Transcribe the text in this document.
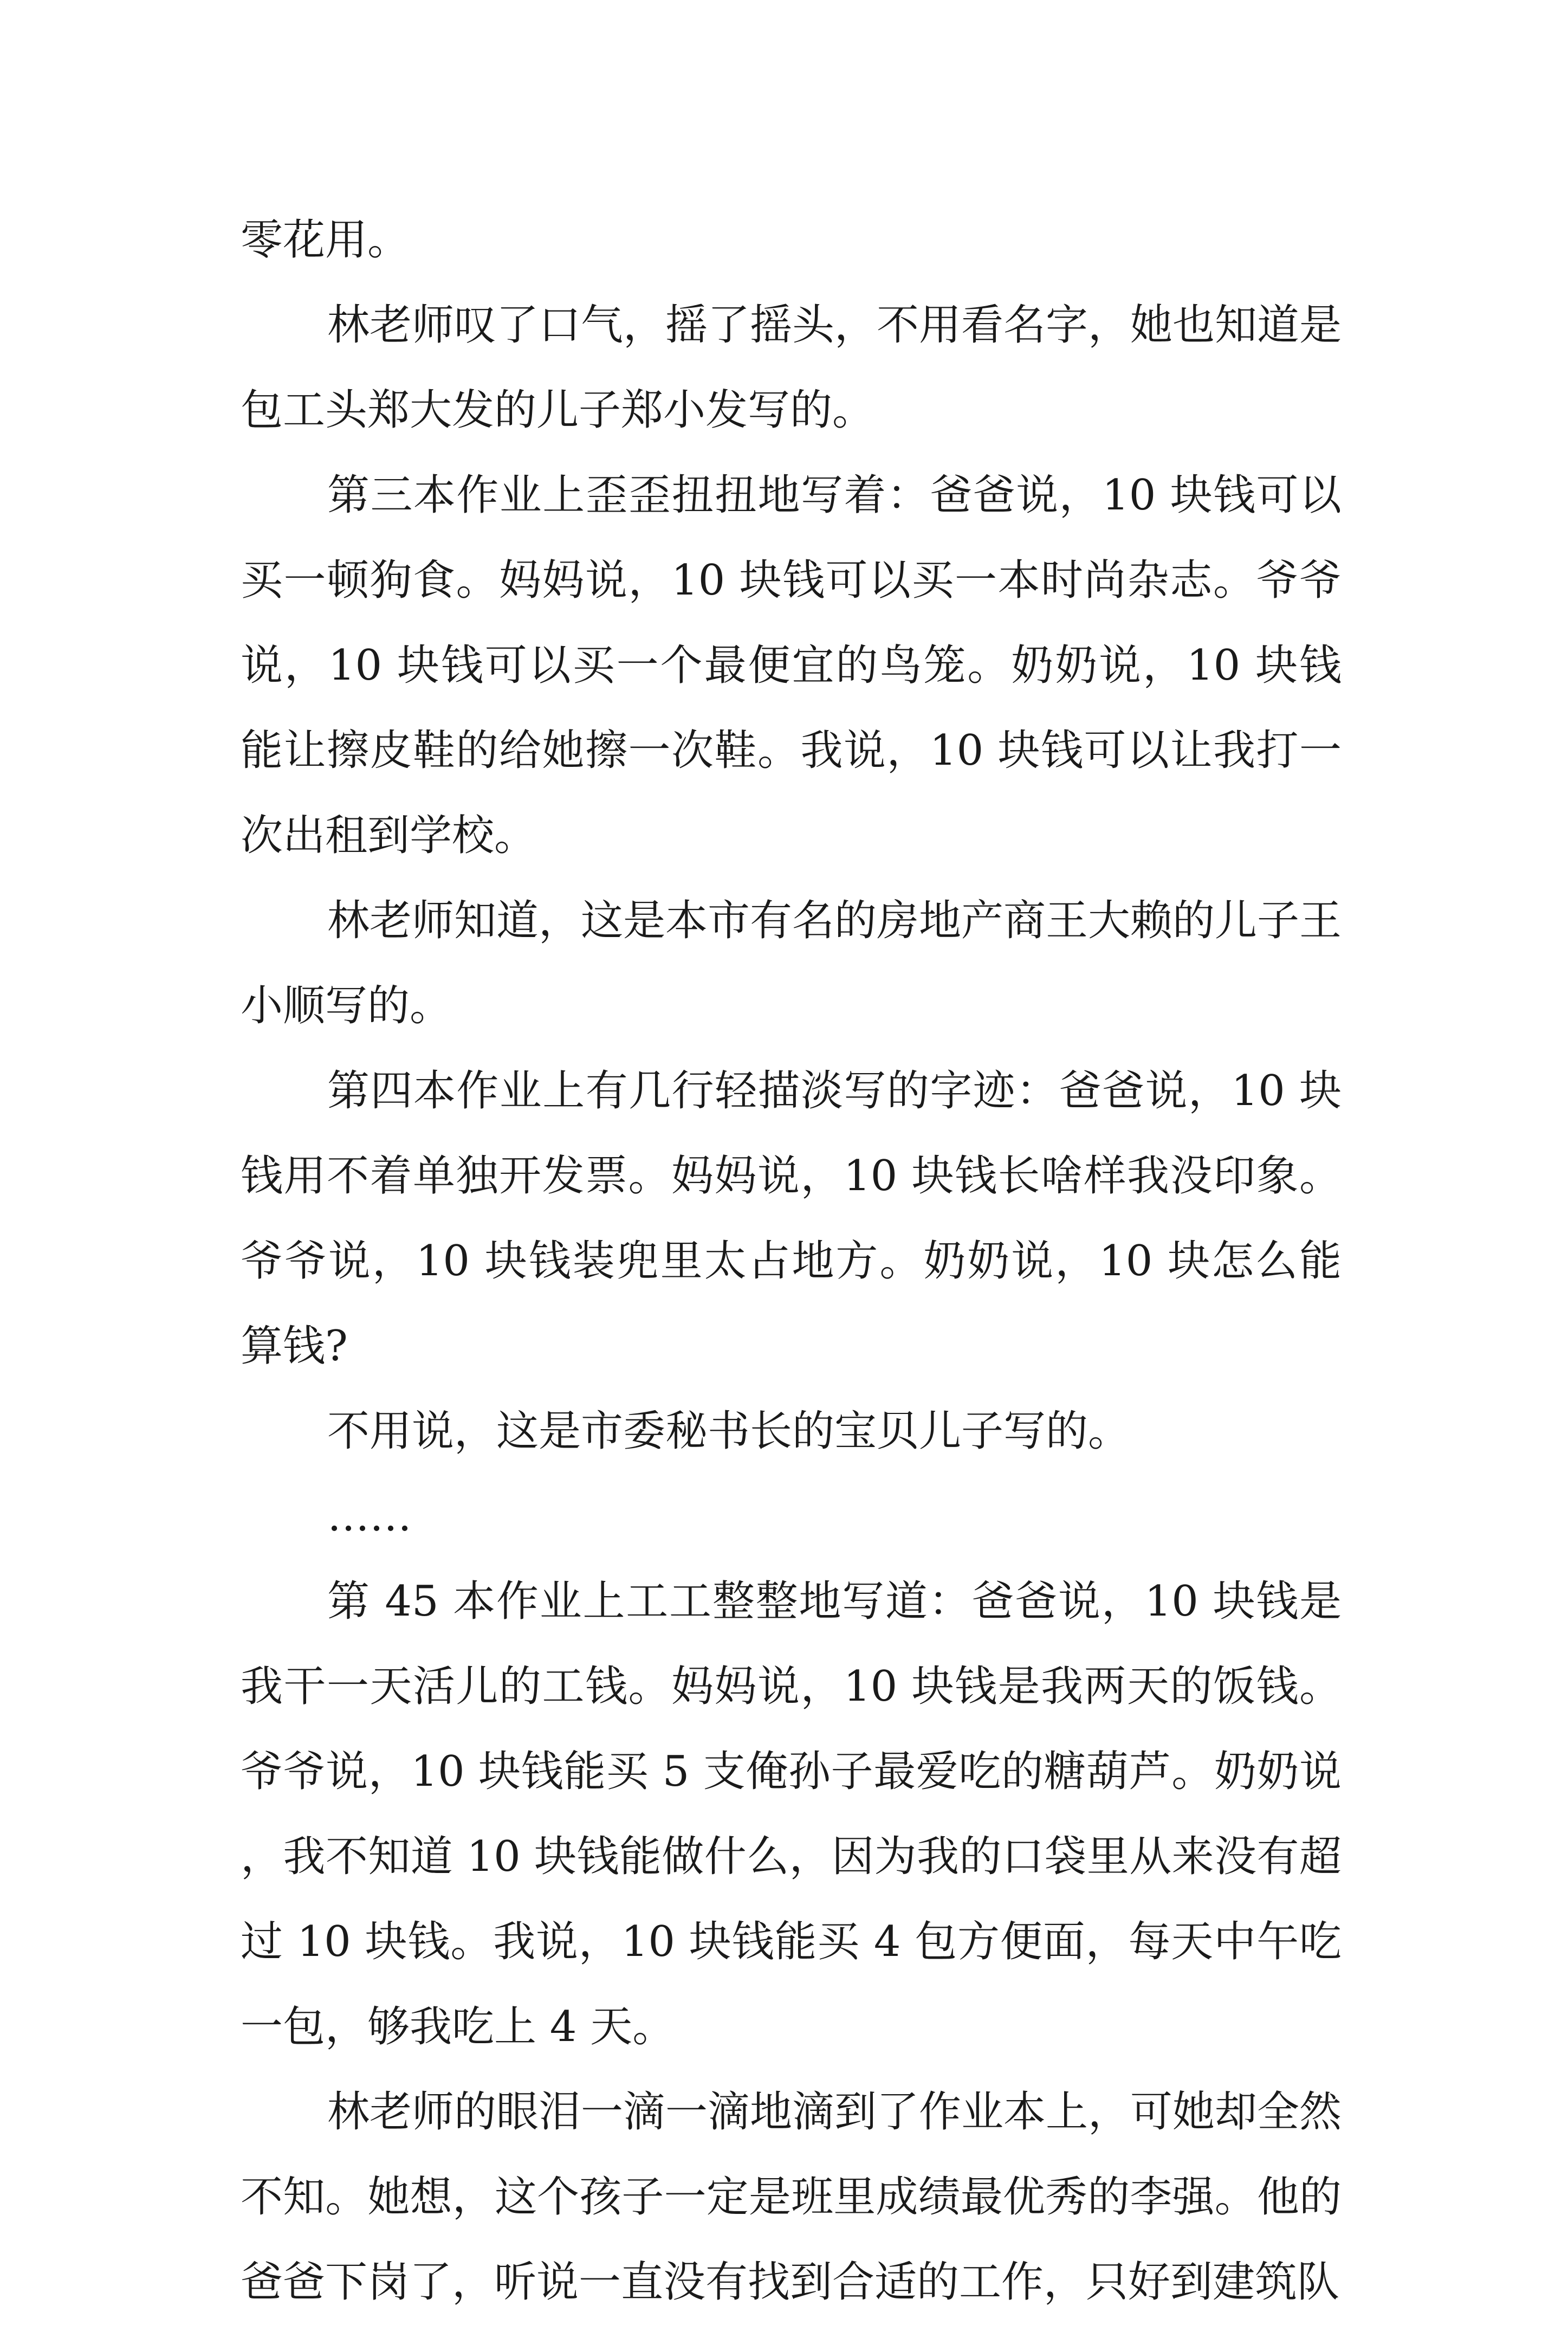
零花用。

林老师叹了口气，摇了摇头，不用看名字，她也知道是包工头郑大发的儿子郑小发写的。

第三本作业上歪歪扭扭地写着：爸爸说，10 块钱可以买一顿狗食。妈妈说，10 块钱可以买一本时尚杂志。爷爷说，10 块钱可以买一个最便宜的鸟笼。奶奶说，10 块钱能让擦皮鞋的给她擦一次鞋。我说，10 块钱可以让我打一次出租到学校。

林老师知道，这是本市有名的房地产商王大赖的儿子王小顺写的。

第四本作业上有几行轻描淡写的字迹：爸爸说，10 块钱用不着单独开发票。妈妈说，10 块钱长啥样我没印象。爷爷说，10 块钱装兜里太占地方。奶奶说，10 块怎么能算钱?

不用说，这是市委秘书长的宝贝儿子写的。

……

第 45 本作业上工工整整地写道：爸爸说，10 块钱是我干一天活儿的工钱。妈妈说，10 块钱是我两天的饭钱。爷爷说，10 块钱能买 5 支俺孙子最爱吃的糖葫芦。奶奶说，我不知道 10 块钱能做什么，因为我的口袋里从来没有超过 10 块钱。我说，10 块钱能买 4 包方便面，每天中午吃一包，够我吃上 4 天。

林老师的眼泪一滴一滴地滴到了作业本上，可她却全然不知。她想，这个孩子一定是班里成绩最优秀的李强。他的爸爸下岗了，听说一直没有找到合适的工作，只好到建筑队
